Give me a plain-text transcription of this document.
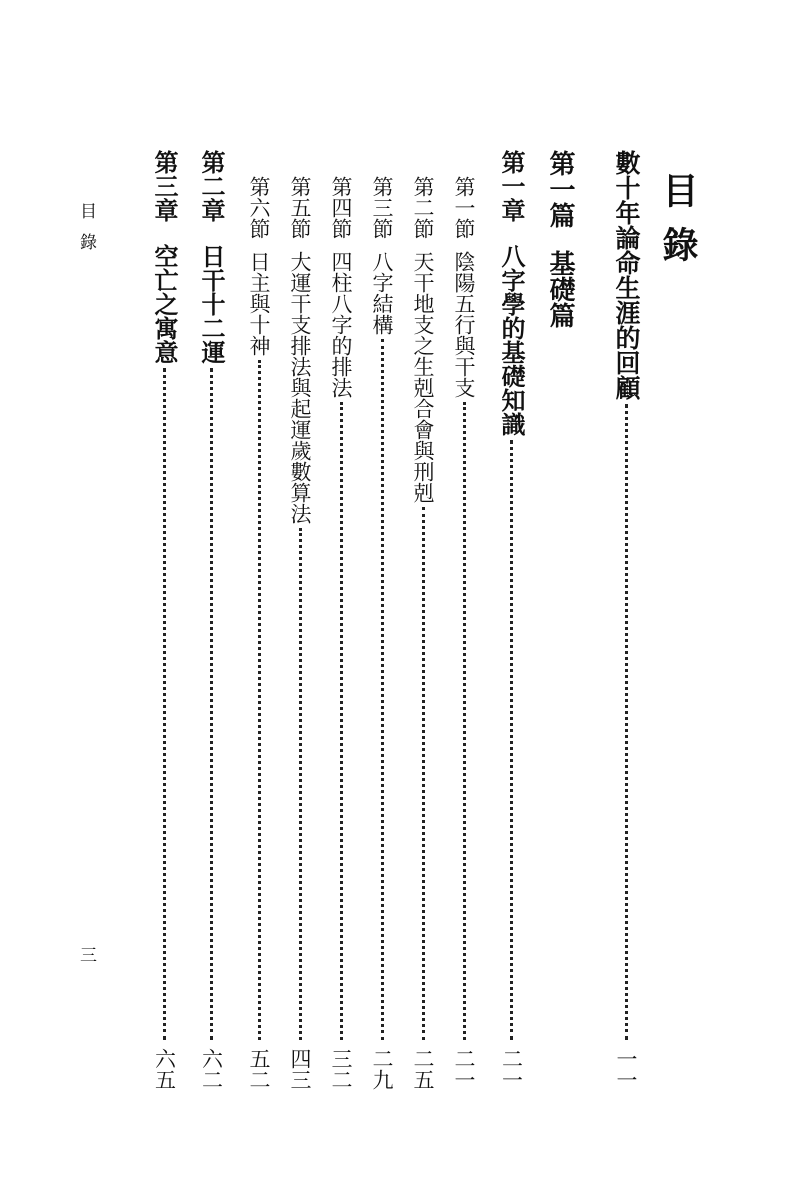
目錄
數十年論命生涯的回顧
一一
第一篇基礎篇
第一章
八字學的基礎知識
二一
第一節
陰陽五行與干支
二一
第二節
天干地支之生剋合會與刑剋
二五
第三節
八字結構
二九
第四節
四柱八字的排法
三二
第五節
大運干支排法與起運歲數算法
四三
第六節
日主與十神
五二
第二章
日干十二運
六二
第三章
空亡之寓意
六五
目錄
三
